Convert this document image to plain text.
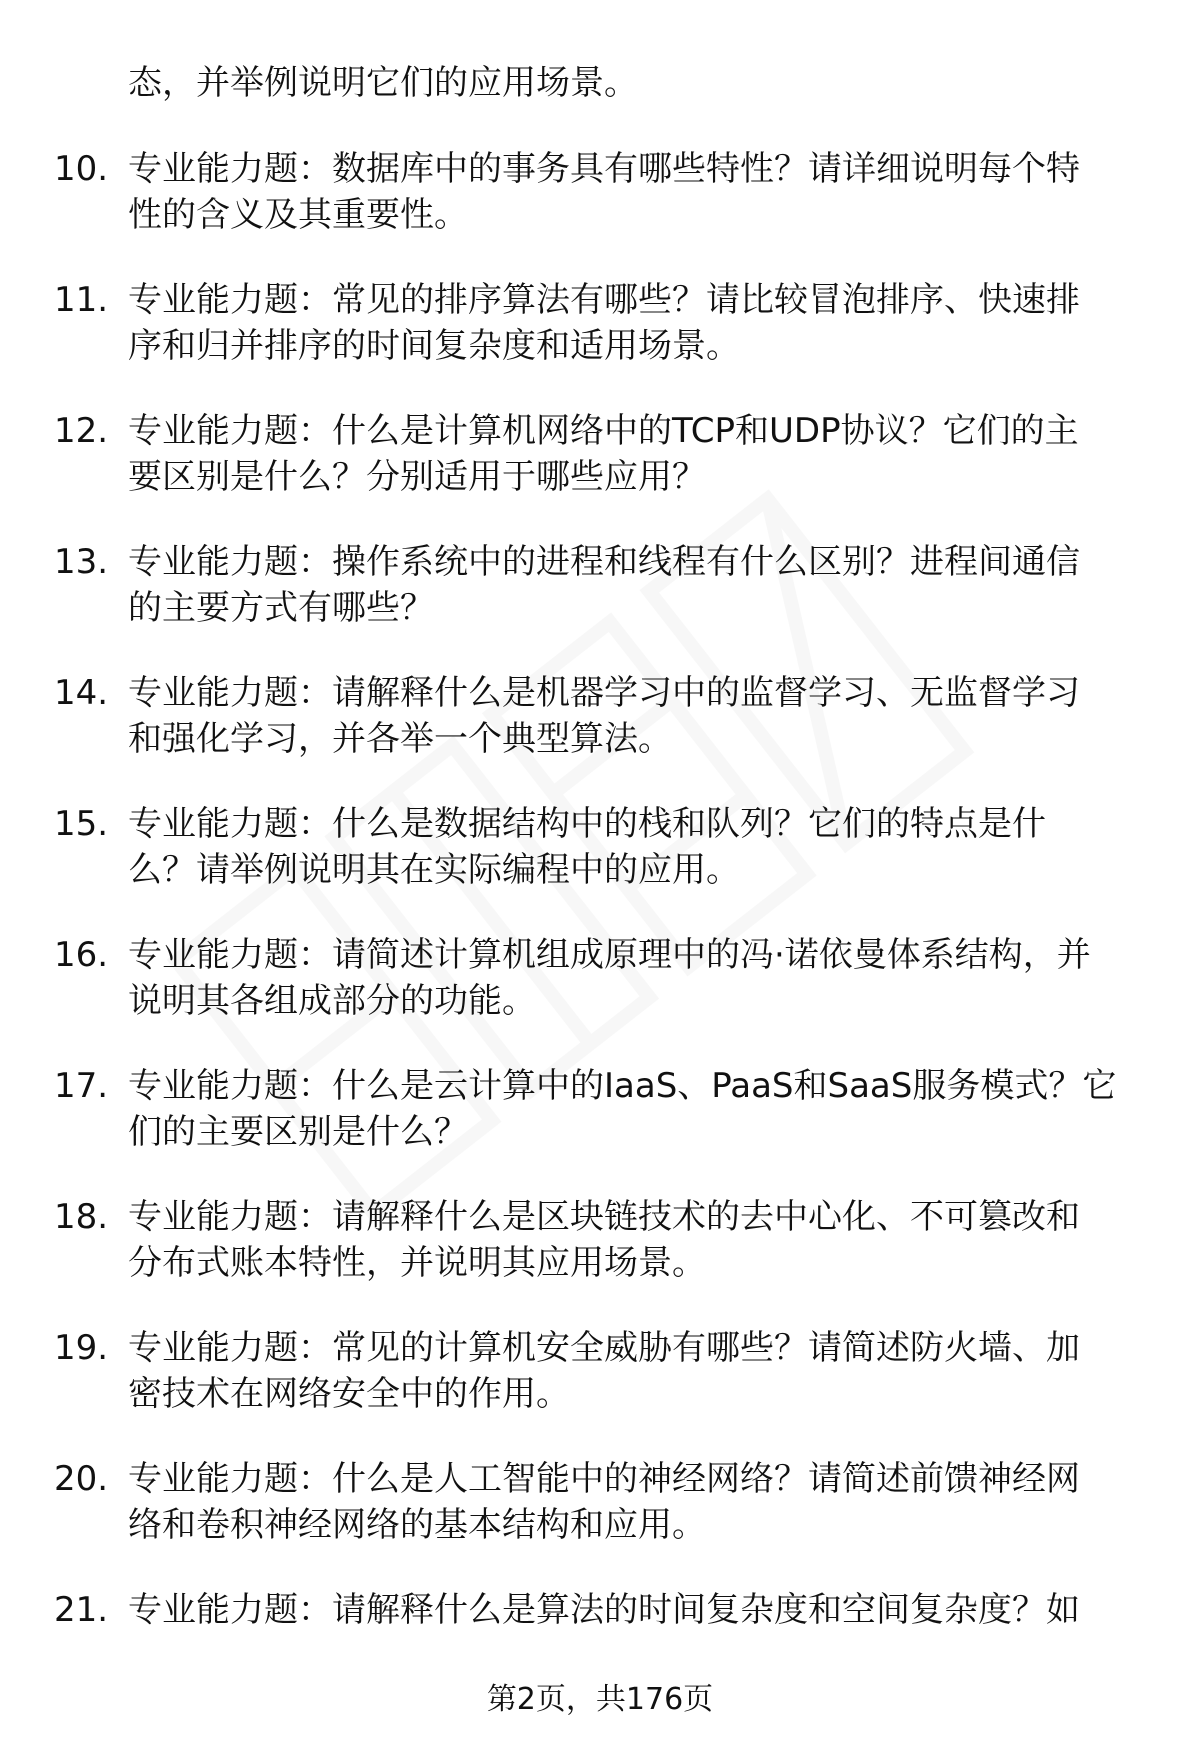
态，并举例说明它们的应用场景。
10. 专业能力题：数据库中的事务具有哪些特性？请详细说明每个特
性的含义及其重要性。
11. 专业能力题：常见的排序算法有哪些？请比较冒泡排序、快速排
序和归并排序的时间复杂度和适用场景。
12. 专业能力题：什么是计算机网络中的TCP和UDP协议？它们的主
要区别是什么？分别适用于哪些应用？
13. 专业能力题：操作系统中的进程和线程有什么区别？进程间通信
的主要方式有哪些？
14. 专业能力题：请解释什么是机器学习中的监督学习、无监督学习
和强化学习，并各举一个典型算法。
15. 专业能力题：什么是数据结构中的栈和队列？它们的特点是什
么？请举例说明其在实际编程中的应用。
16. 专业能力题：请简述计算机组成原理中的冯·诺依曼体系结构，并
说明其各组成部分的功能。
17. 专业能力题：什么是云计算中的IaaS、PaaS和SaaS服务模式？它
们的主要区别是什么？
18. 专业能力题：请解释什么是区块链技术的去中心化、不可篡改和
分布式账本特性，并说明其应用场景。
19. 专业能力题：常见的计算机安全威胁有哪些？请简述防火墙、加
密技术在网络安全中的作用。
20. 专业能力题：什么是人工智能中的神经网络？请简述前馈神经网
络和卷积神经网络的基本结构和应用。
21. 专业能力题：请解释什么是算法的时间复杂度和空间复杂度？如
第2页，共176页
